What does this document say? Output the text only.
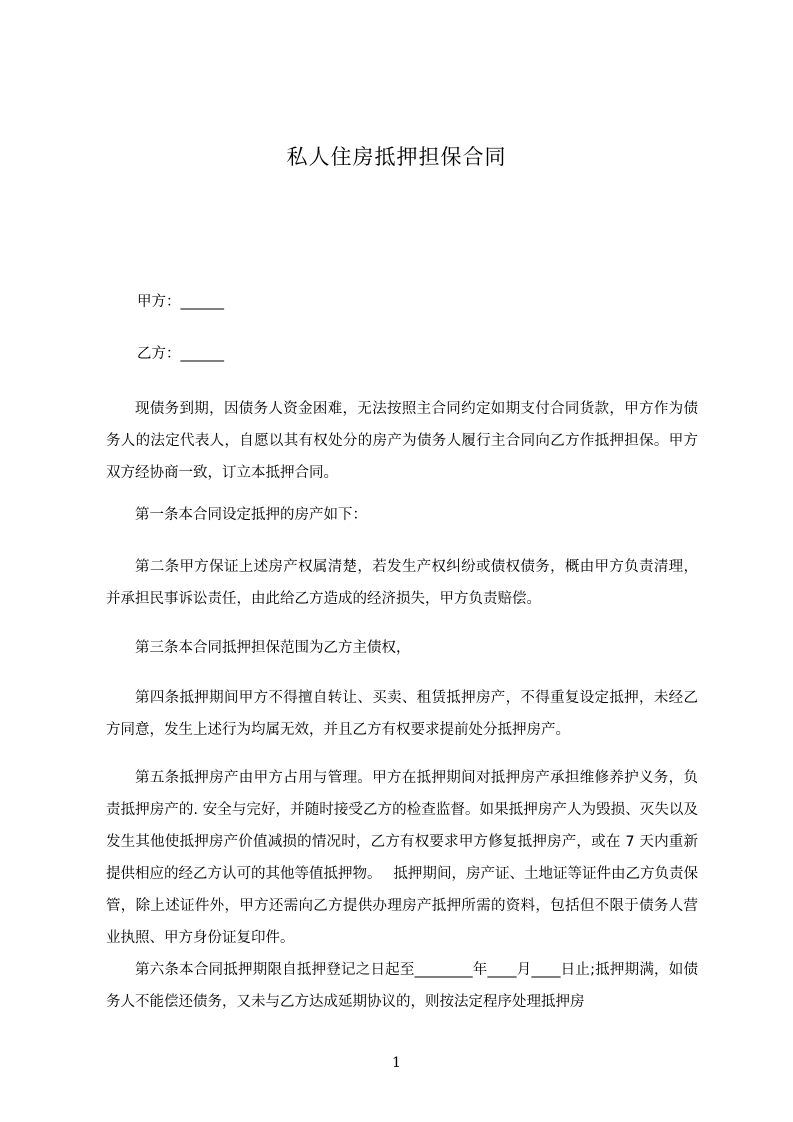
私人住房抵押担保合同
甲方：______
乙方：______

现债务到期，因债务人资金困难，无法按照主合同约定如期支付合同货款，甲方作为债务人的法定代表人，自愿以其有权处分的房产为债务人履行主合同向乙方作抵押担保。甲方双方经协商一致，订立本抵押合同。

第一条本合同设定抵押的房产如下：

第二条甲方保证上述房产权属清楚，若发生产权纠纷或债权债务，概由甲方负责清理，并承担民事诉讼责任，由此给乙方造成的经济损失，甲方负责赔偿。

第三条本合同抵押担保范围为乙方主债权，

第四条抵押期间甲方不得擅自转让、买卖、租赁抵押房产，不得重复设定抵押，未经乙方同意，发生上述行为均属无效，并且乙方有权要求提前处分抵押房产。

第五条抵押房产由甲方占用与管理。甲方在抵押期间对抵押房产承担维修养护义务，负责抵押房产的. 安全与完好，并随时接受乙方的检查监督。如果抵押房产人为毁损、灭失以及发生其他使抵押房产价值减损的情况时，乙方有权要求甲方修复抵押房产，或在 7 天内重新提供相应的经乙方认可的其他等值抵押物。　 抵押期间，房产证、土地证等证件由乙方负责保管，除上述证件外，甲方还需向乙方提供办理房产抵押所需的资料，包括但不限于债务人营业执照、甲方身份证复印件。

第六条本合同抵押期限自抵押登记之日起至________年____月____日止;抵押期满，如债务人不能偿还债务，又未与乙方达成延期协议的，则按法定程序处理抵押房

1
